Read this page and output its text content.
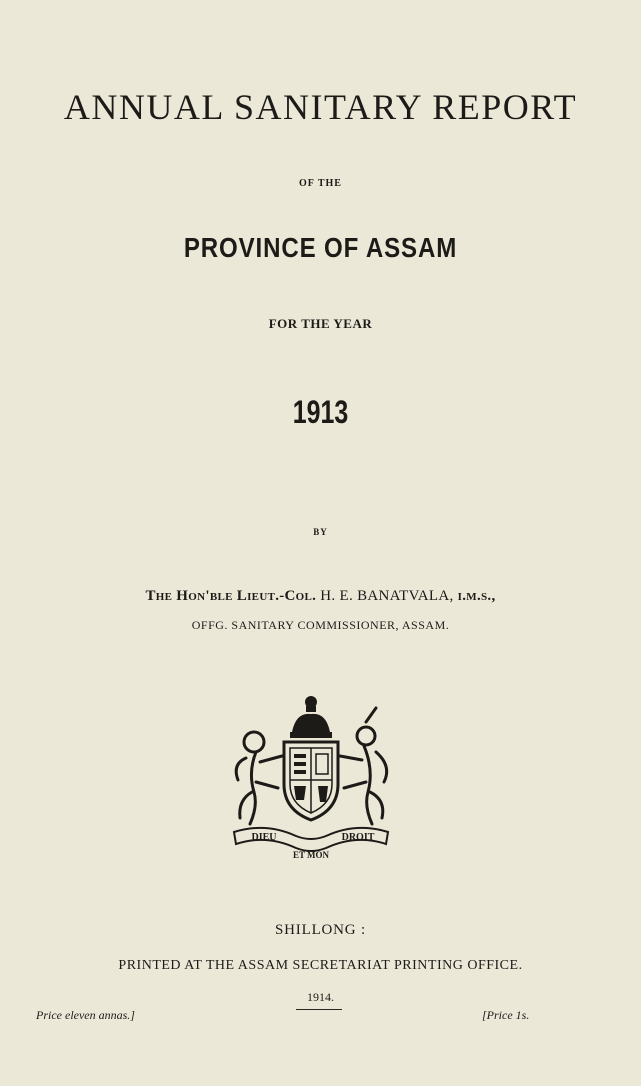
ANNUAL SANITARY REPORT
OF THE
PROVINCE OF ASSAM
FOR THE YEAR
1913
BY
The Hon'ble Lieut.-Col. H. E. BANATVALA, i.m.s.,
OFFG. SANITARY COMMISSIONER, ASSAM.
DIEU	DROIT
ET MON
SHILLONG :
PRINTED AT THE ASSAM SECRETARIAT PRINTING OFFICE.
1914.
Price eleven annas.]	[Price 1s.
